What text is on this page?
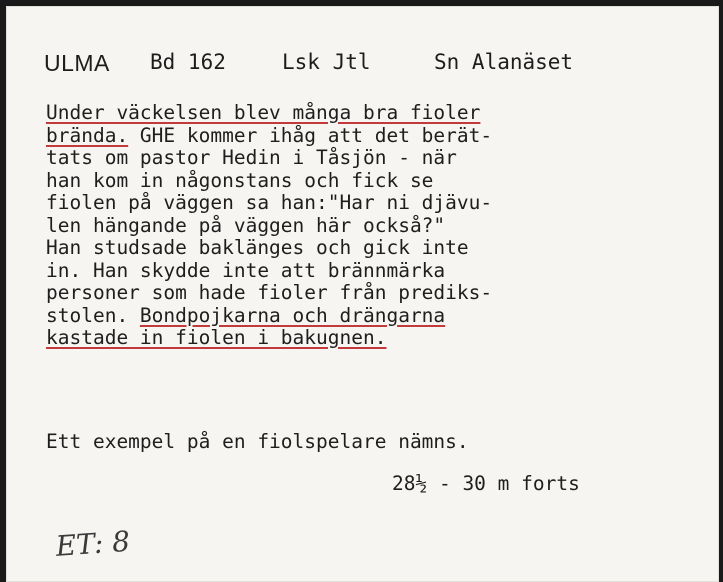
ULMA Bd 162	Lsk Jtl	Sn Alanäset
Under väckelsen blev många bra fioler
brända. GHE kommer ihåg att det berät-
tats om pastor Hedin i Tåsjön - när
han kom in någonstans och fick se
fiolen på väggen sa han:"Har ni djävu-
len hängande på väggen här också?"
Han studsade baklänges och gick inte
in. Han skydde inte att brännmärka
personer som hade fioler från prediks-
stolen. Bondpojkarna och drängarna
kastade in fiolen i bakugnen.
Ett exempel på en fiolspelare nämns.
28½ - 30 m forts
ET: 8
